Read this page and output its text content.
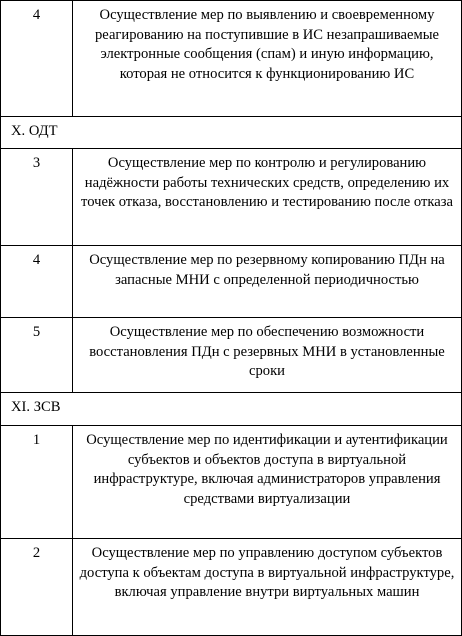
4	Осуществление мер по выявлению и своевременному реагированию на поступившие в ИС незапрашиваемые электронные сообщения (спам) и иную информацию, которая не относится к функционированию ИС
X. ОДТ	
3	Осуществление мер по контролю и регулированию надёжности работы технических средств, определению их точек отказа, восстановлению и тестированию после отказа
4	Осуществление мер по резервному копированию ПДн на запасные МНИ с определенной периодичностью
5	Осуществление мер по обеспечению возможности восстановления ПДн с резервных МНИ в установленные сроки
XI. ЗСВ	
1	Осуществление мер по идентификации и аутентификации субъектов и объектов доступа в виртуальной инфраструктуре, включая администраторов управления средствами виртуализации
2	Осуществление мер по управлению доступом субъектов доступа к объектам доступа в виртуальной инфраструктуре, включая управление внутри виртуальных машин
